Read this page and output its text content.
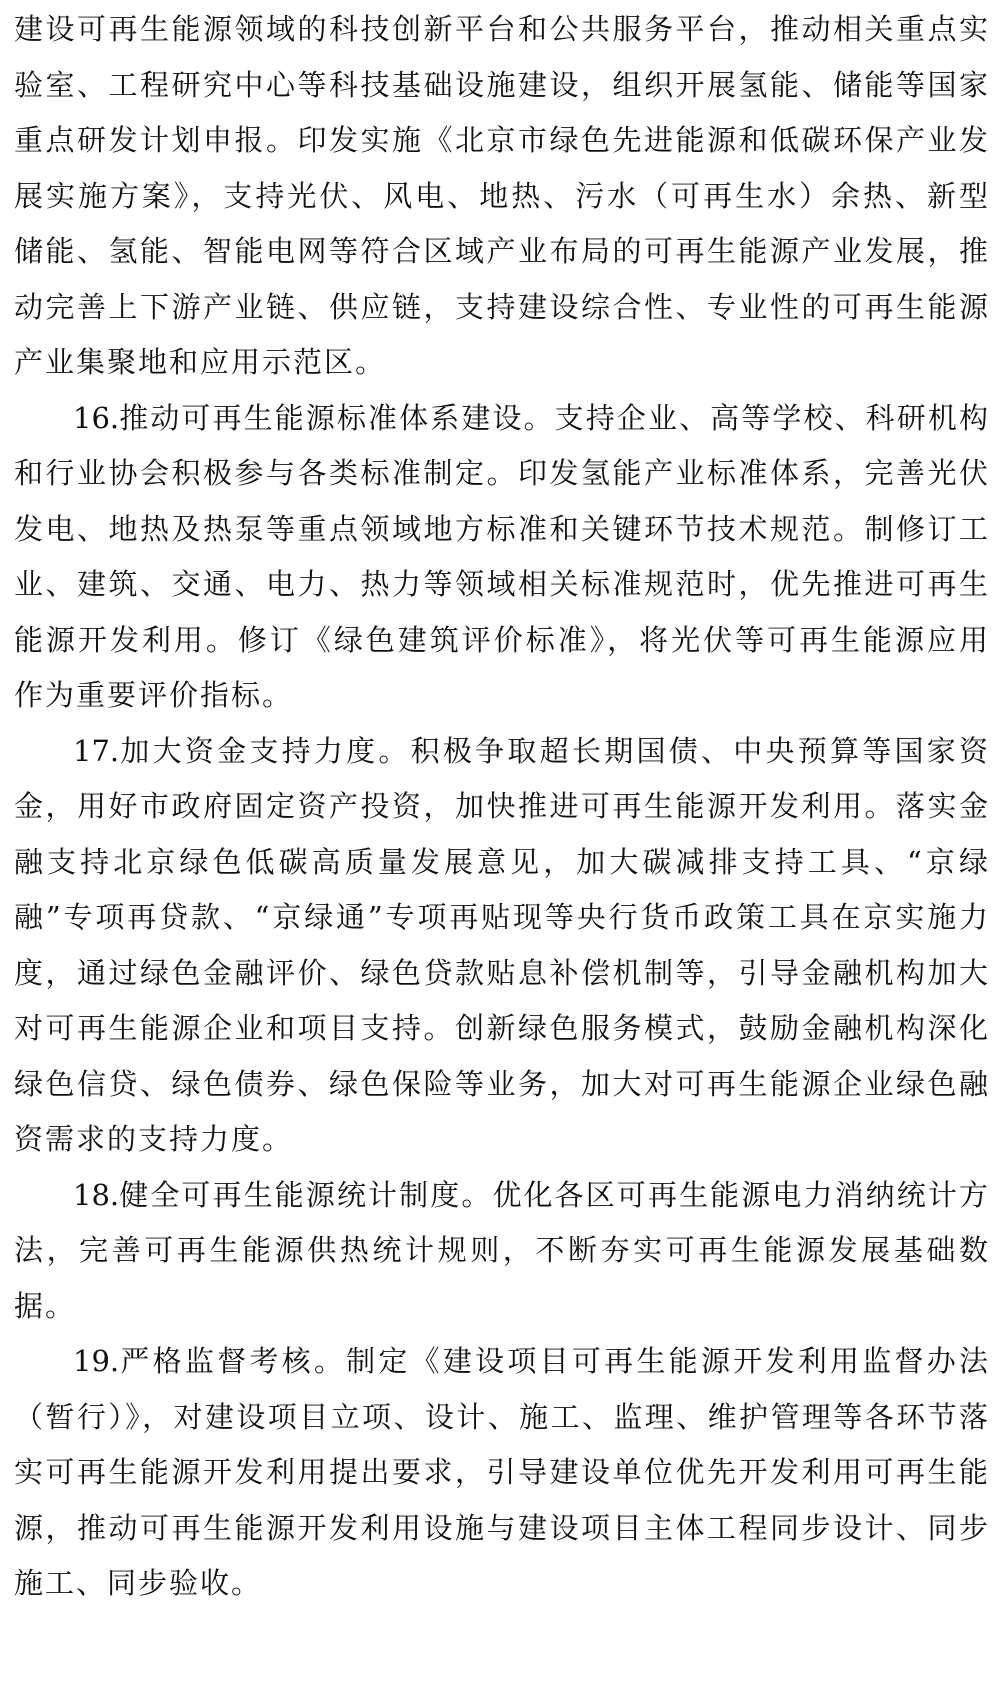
建设可再生能源领域的科技创新平台和公共服务平台，推动相关重点实验室、工程研究中心等科技基础设施建设，组织开展氢能、储能等国家重点研发计划申报。印发实施《北京市绿色先进能源和低碳环保产业发展实施方案》，支持光伏、风电、地热、污水（可再生水）余热、新型储能、氢能、智能电网等符合区域产业布局的可再生能源产业发展，推动完善上下游产业链、供应链，支持建设综合性、专业性的可再生能源产业集聚地和应用示范区。

16.推动可再生能源标准体系建设。支持企业、高等学校、科研机构和行业协会积极参与各类标准制定。印发氢能产业标准体系，完善光伏发电、地热及热泵等重点领域地方标准和关键环节技术规范。制修订工业、建筑、交通、电力、热力等领域相关标准规范时，优先推进可再生能源开发利用。修订《绿色建筑评价标准》，将光伏等可再生能源应用作为重要评价指标。

17.加大资金支持力度。积极争取超长期国债、中央预算等国家资金，用好市政府固定资产投资，加快推进可再生能源开发利用。落实金融支持北京绿色低碳高质量发展意见，加大碳减排支持工具、“京绿融”专项再贷款、“京绿通”专项再贴现等央行货币政策工具在京实施力度，通过绿色金融评价、绿色贷款贴息补偿机制等，引导金融机构加大对可再生能源企业和项目支持。创新绿色服务模式，鼓励金融机构深化绿色信贷、绿色债券、绿色保险等业务，加大对可再生能源企业绿色融资需求的支持力度。

18.健全可再生能源统计制度。优化各区可再生能源电力消纳统计方法，完善可再生能源供热统计规则，不断夯实可再生能源发展基础数据。

19.严格监督考核。制定《建设项目可再生能源开发利用监督办法（暂行）》，对建设项目立项、设计、施工、监理、维护管理等各环节落实可再生能源开发利用提出要求，引导建设单位优先开发利用可再生能源，推动可再生能源开发利用设施与建设项目主体工程同步设计、同步施工、同步验收。
